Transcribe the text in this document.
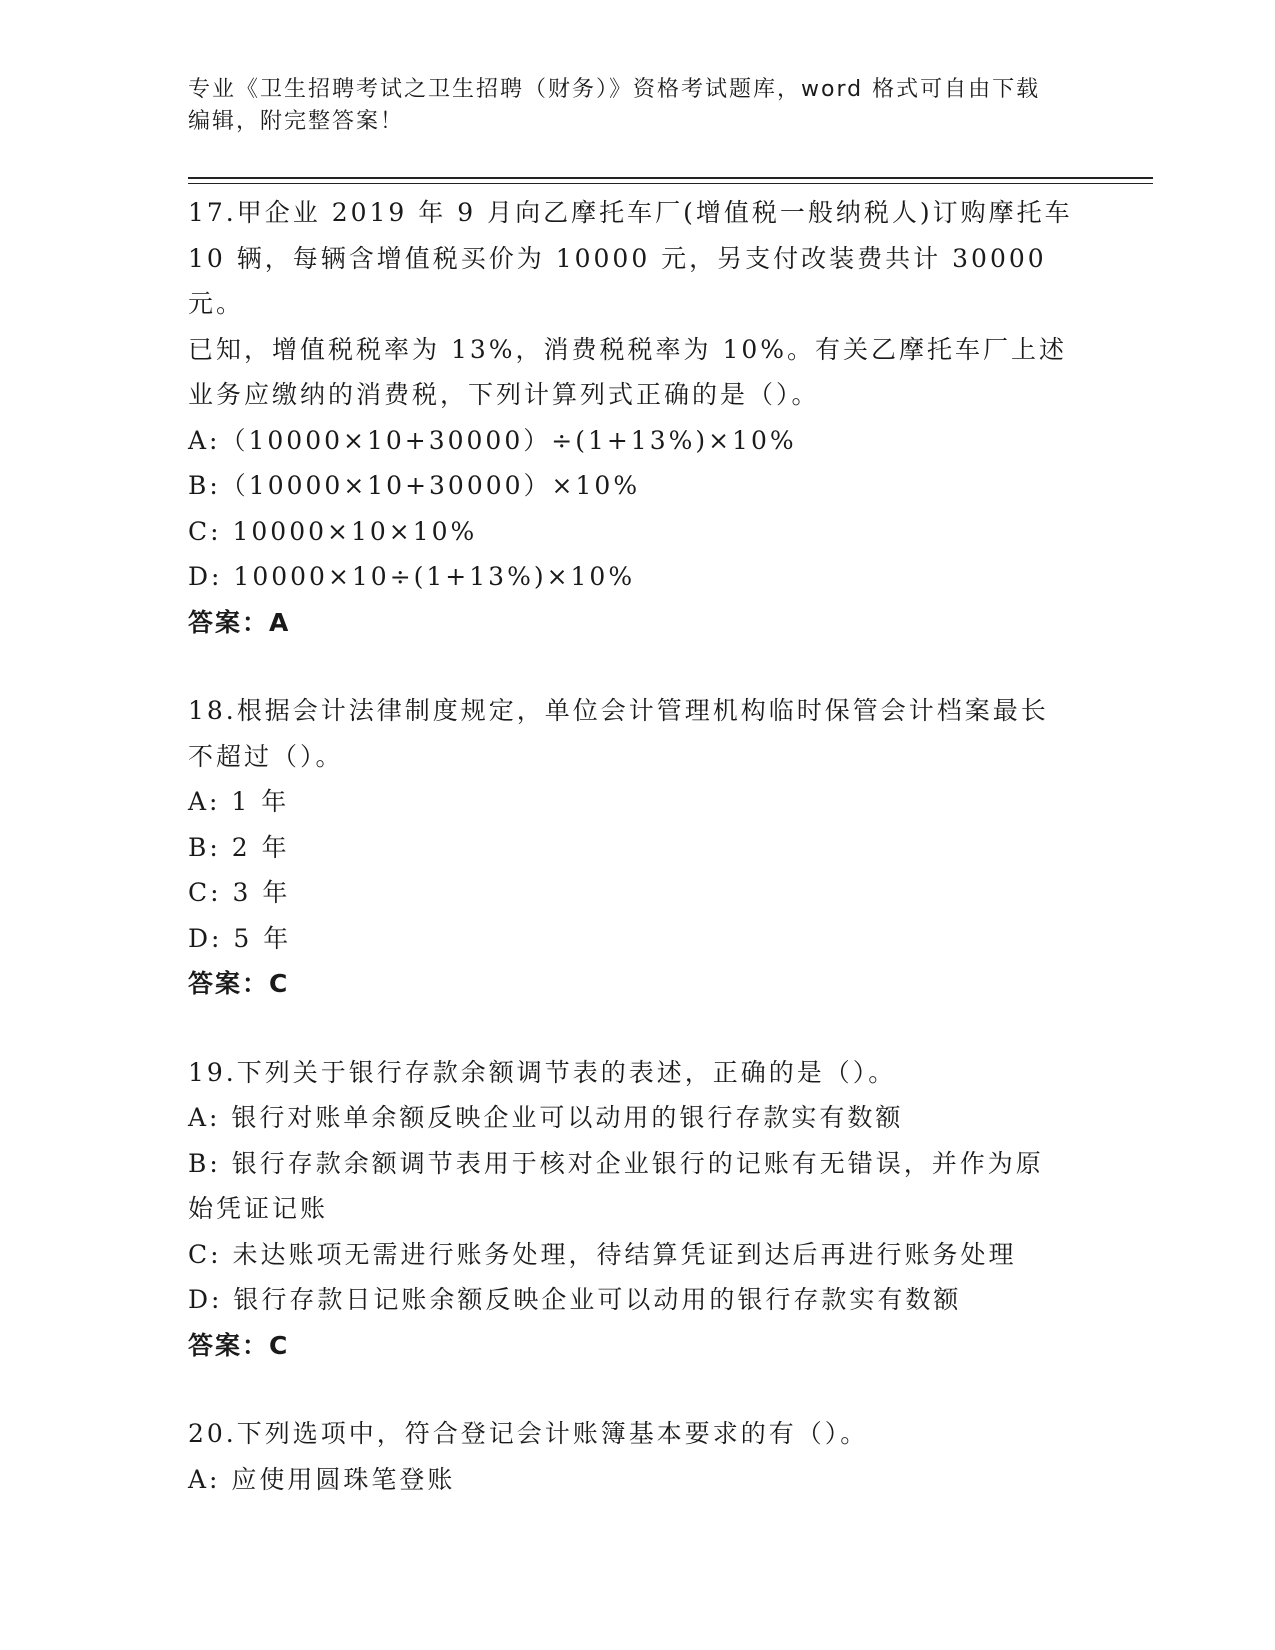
专业《卫生招聘考试之卫生招聘（财务）》资格考试题库，word 格式可自由下载
编辑，附完整答案！
17.甲企业 2019 年 9 月向乙摩托车厂(增值税一般纳税人)订购摩托车
10 辆，每辆含增值税买价为 10000 元，另支付改装费共计 30000 元。
已知，增值税税率为 13%，消费税税率为 10%。有关乙摩托车厂上述
业务应缴纳的消费税，下列计算列式正确的是（）。
A:（10000×10+30000）÷(1+13%)×10%
B:（10000×10+30000）×10%
C: 10000×10×10%
D: 10000×10÷(1+13%)×10%
答案：A
18.根据会计法律制度规定，单位会计管理机构临时保管会计档案最长
不超过（）。
A: 1 年
B: 2 年
C: 3 年
D: 5 年
答案：C
19.下列关于银行存款余额调节表的表述，正确的是（）。
A: 银行对账单余额反映企业可以动用的银行存款实有数额
B: 银行存款余额调节表用于核对企业银行的记账有无错误，并作为原
始凭证记账
C: 未达账项无需进行账务处理，待结算凭证到达后再进行账务处理
D: 银行存款日记账余额反映企业可以动用的银行存款实有数额
答案：C
20.下列选项中，符合登记会计账簿基本要求的有（）。
A: 应使用圆珠笔登账
